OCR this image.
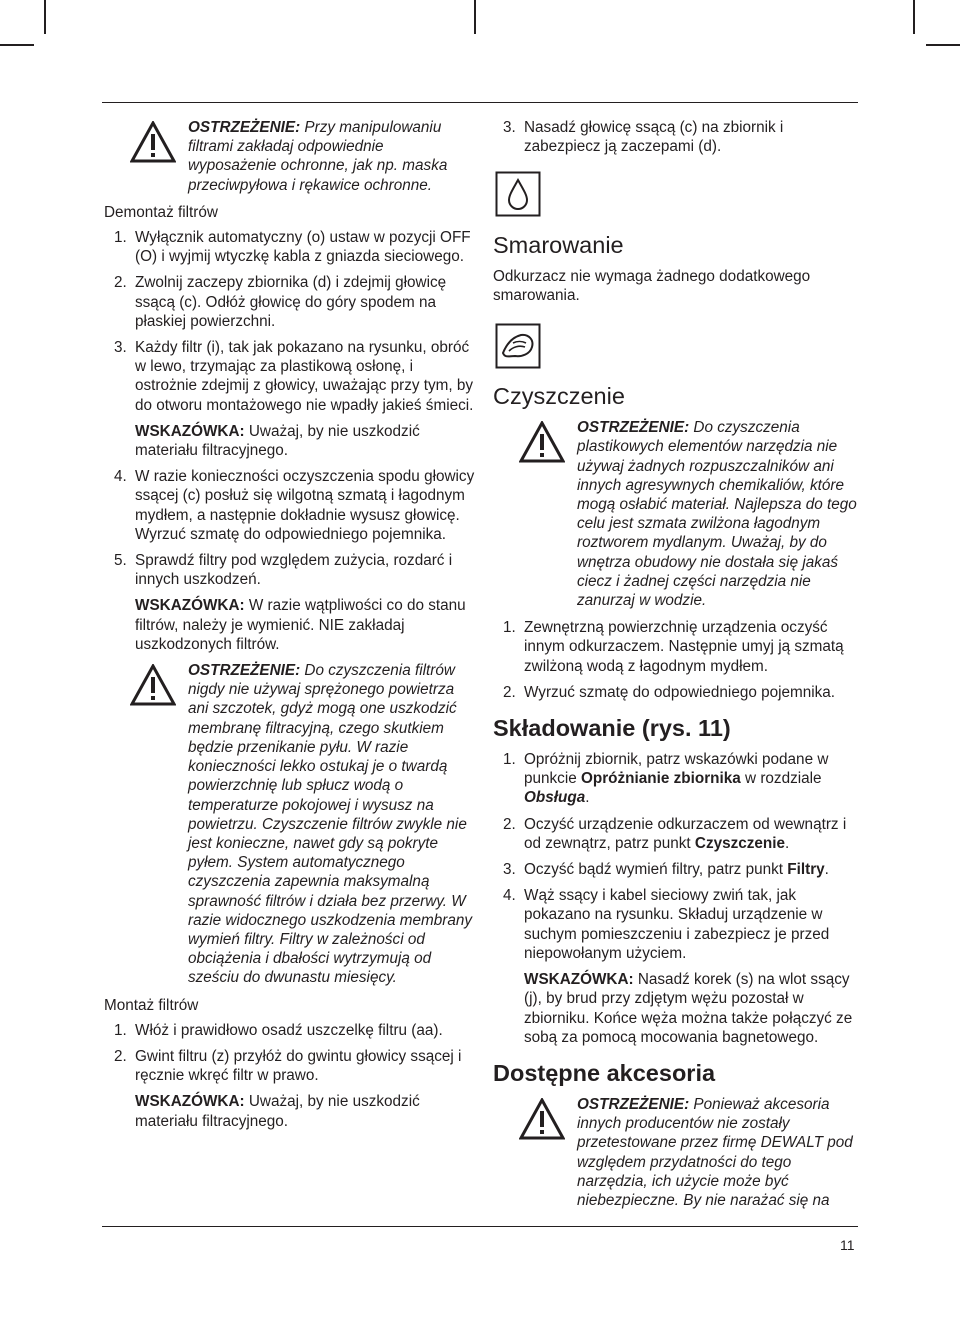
OSTRZEŻENIE: Przy manipulowaniu filtrami zakładaj odpowiednie wyposażenie ochronne, jak np. maska przeciwpyłowa i rękawice ochronne.

Demontaż filtrów
1. Wyłącznik automatyczny (o) ustaw w pozycji OFF (O) i wyjmij wtyczkę kabla z gniazda sieciowego.
2. Zwolnij zaczepy zbiornika (d) i zdejmij głowicę ssącą (c). Odłóż głowicę do góry spodem na płaskiej powierzchni.
3. Każdy filtr (i), tak jak pokazano na rysunku, obróć w lewo, trzymając za plastikową osłonę, i ostrożnie zdejmij z głowicy, uważając przy tym, by do otworu montażowego nie wpadły jakieś śmieci.

WSKAZÓWKA: Uważaj, by nie uszkodzić materiału filtracyjnego.

4. W razie konieczności oczyszczenia spodu głowicy ssącej (c) posłuż się wilgotną szmatą i łagodnym mydłem, a następnie dokładnie wysusz głowicę. Wyrzuć szmatę do odpowiedniego pojemnika.
5. Sprawdź filtry pod względem zużycia, rozdarć i innych uszkodzeń.

WSKAZÓWKA: W razie wątpliwości co do stanu filtrów, należy je wymienić. NIE zakładaj uszkodzonych filtrów.

OSTRZEŻENIE: Do czyszczenia filtrów nigdy nie używaj sprężonego powietrza ani szczotek, gdyż mogą one uszkodzić membranę filtracyjną, czego skutkiem będzie przenikanie pyłu. W razie konieczności lekko ostukaj je o twardą powierzchnię lub spłucz wodą o temperaturze pokojowej i wysusz na powietrzu. Czyszczenie filtrów zwykle nie jest konieczne, nawet gdy są pokryte pyłem. System automatycznego czyszczenia zapewnia maksymalną sprawność filtrów i działa bez przerwy. W razie widocznego uszkodzenia membrany wymień filtry. Filtry w zależności od obciążenia i dbałości wytrzymują od sześciu do dwunastu miesięcy.

Montaż filtrów
1. Włóż i prawidłowo osadź uszczelkę filtru (aa).
2. Gwint filtru (z) przyłóż do gwintu głowicy ssącej i ręcznie wkręć filtr w prawo.

WSKAZÓWKA: Uważaj, by nie uszkodzić materiału filtracyjnego.

3. Nasadź głowicę ssącą (c) na zbiornik i zabezpiecz ją zaczepami (d).
Smarowanie

Odkurzacz nie wymaga żadnego dodatkowego smarowania.

Czyszczenie

OSTRZEŻENIE: Do czyszczenia plastikowych elementów narzędzia nie używaj żadnych rozpuszczalników ani innych agresywnych chemikaliów, które mogą osłabić materiał. Najlepsza do tego celu jest szmata zwilżona łagodnym roztworem mydlanym. Uważaj, by do wnętrza obudowy nie dostała się jakaś ciecz i żadnej części narzędzia nie zanurzaj w wodzie.

1. Zewnętrzną powierzchnię urządzenia oczyść innym odkurzaczem. Następnie umyj ją szmatą zwilżoną wodą z łagodnym mydłem.
2. Wyrzuć szmatę do odpowiedniego pojemnika.
Składowanie (rys. 11)
1. Opróżnij zbiornik, patrz wskazówki podane w punkcie Opróżnianie zbiornika w rozdziale Obsługa.
2. Oczyść urządzenie odkurzaczem od wewnątrz i od zewnątrz, patrz punkt Czyszczenie.
3. Oczyść bądź wymień filtry, patrz punkt Filtry.
4. Wąż ssący i kabel sieciowy zwiń tak, jak pokazano na rysunku. Składuj urządzenie w suchym pomieszczeniu i zabezpiecz je przed niepowołanym użyciem.

WSKAZÓWKA: Nasadź korek (s) na wlot ssący (j), by brud przy zdjętym wężu pozostał w zbiorniku. Końce węża można także połączyć ze sobą za pomocą mocowania bagnetowego.

Dostępne akcesoria

OSTRZEŻENIE: Ponieważ akcesoria innych producentów nie zostały przetestowane przez firmę DEWALT pod względem przydatności do tego narzędzia, ich użycie może być niebezpieczne. By nie narażać się na

11
